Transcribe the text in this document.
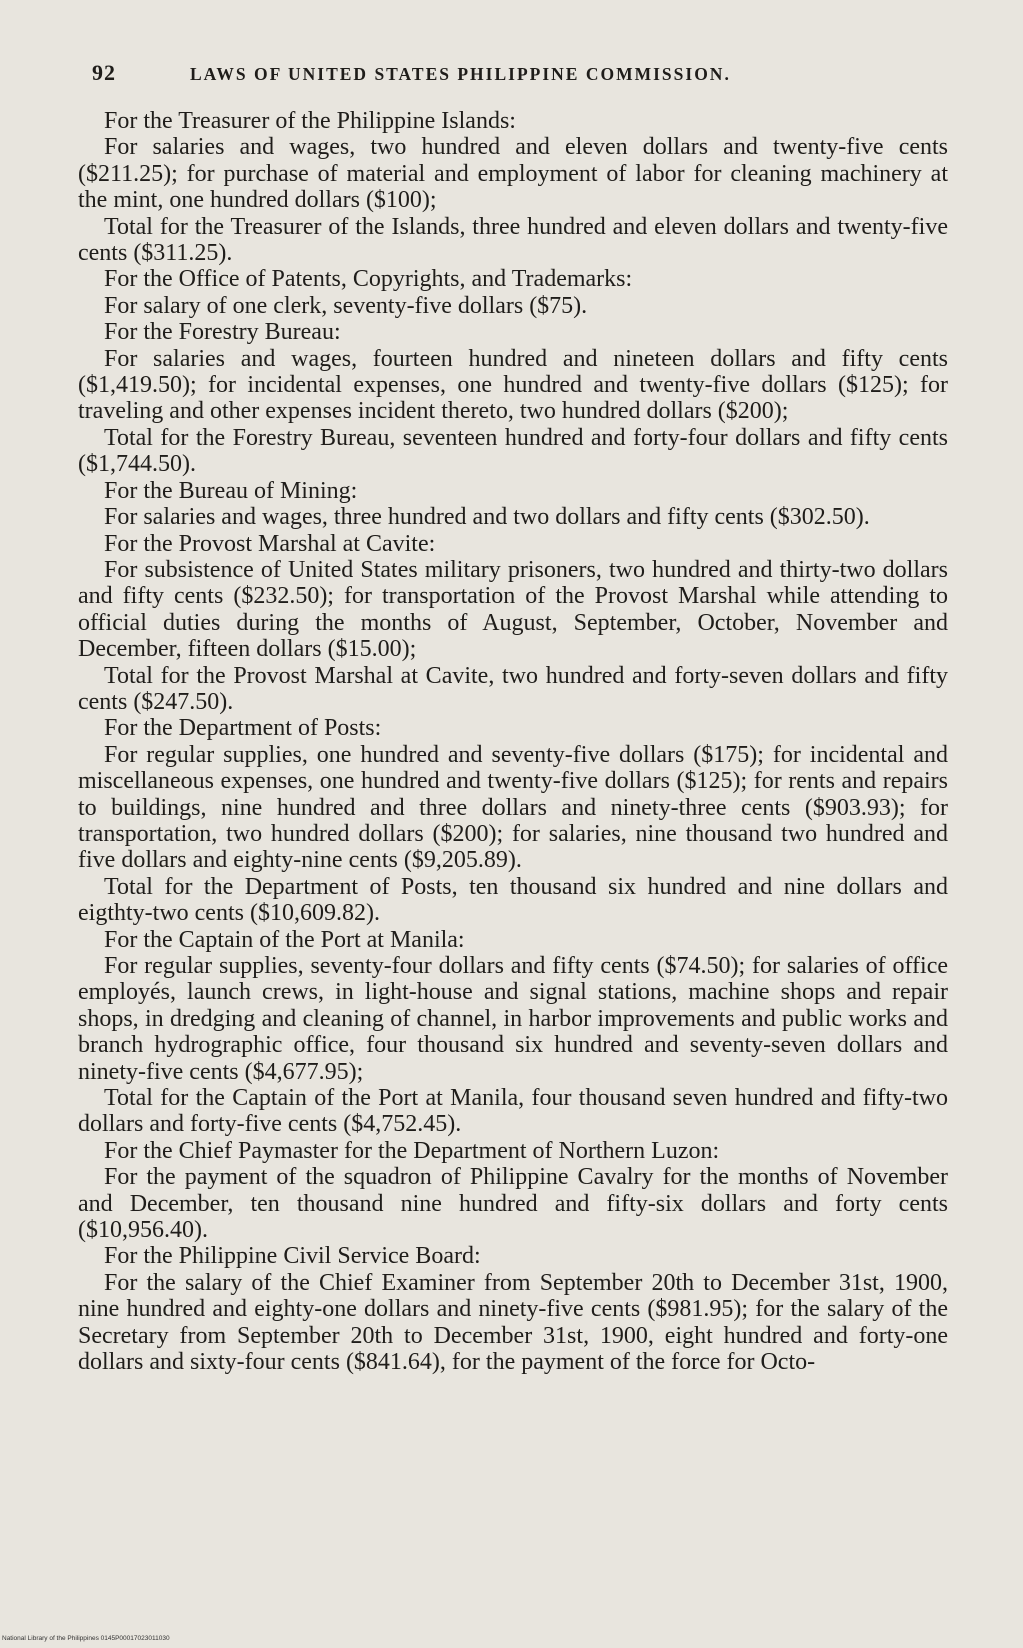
92	LAWS OF UNITED STATES PHILIPPINE COMMISSION.

For the Treasurer of the Philippine Islands:

For salaries and wages, two hundred and eleven dollars and twenty-five cents ($211.25); for purchase of material and employment of labor for cleaning machinery at the mint, one hundred dollars ($100);

Total for the Treasurer of the Islands, three hundred and eleven dollars and twenty-five cents ($311.25).

For the Office of Patents, Copyrights, and Trademarks:

For salary of one clerk, seventy-five dollars ($75).

For the Forestry Bureau:

For salaries and wages, fourteen hundred and nineteen dollars and fifty cents ($1,419.50); for incidental expenses, one hundred and twenty-five dollars ($125); for traveling and other expenses incident thereto, two hundred dollars ($200);

Total for the Forestry Bureau, seventeen hundred and forty-four dollars and fifty cents ($1,744.50).

For the Bureau of Mining:

For salaries and wages, three hundred and two dollars and fifty cents ($302.50).

For the Provost Marshal at Cavite:

For subsistence of United States military prisoners, two hundred and thirty-two dollars and fifty cents ($232.50); for transportation of the Provost Marshal while attending to official duties during the months of August, September, October, November and December, fifteen dollars ($15.00);

Total for the Provost Marshal at Cavite, two hundred and forty-seven dollars and fifty cents ($247.50).

For the Department of Posts:

For regular supplies, one hundred and seventy-five dollars ($175); for incidental and miscellaneous expenses, one hundred and twenty-five dollars ($125); for rents and repairs to buildings, nine hundred and three dollars and ninety-three cents ($903.93); for transportation, two hundred dollars ($200); for salaries, nine thousand two hundred and five dollars and eighty-nine cents ($9,205.89).

Total for the Department of Posts, ten thousand six hundred and nine dollars and eigthty-two cents ($10,609.82).

For the Captain of the Port at Manila:

For regular supplies, seventy-four dollars and fifty cents ($74.50); for salaries of office employés, launch crews, in light-house and signal stations, machine shops and repair shops, in dredging and cleaning of channel, in harbor improvements and public works and branch hydrographic office, four thousand six hundred and seventy-seven dollars and ninety-five cents ($4,677.95);

Total for the Captain of the Port at Manila, four thousand seven hundred and fifty-two dollars and forty-five cents ($4,752.45).

For the Chief Paymaster for the Department of Northern Luzon:

For the payment of the squadron of Philippine Cavalry for the months of November and December, ten thousand nine hundred and fifty-six dollars and forty cents ($10,956.40).

For the Philippine Civil Service Board:

For the salary of the Chief Examiner from September 20th to December 31st, 1900, nine hundred and eighty-one dollars and ninety-five cents ($981.95); for the salary of the Secretary from September 20th to December 31st, 1900, eight hundred and forty-one dollars and sixty-four cents ($841.64), for the payment of the force for Octo-

National Library of the Philippines 0145P00017023011030
